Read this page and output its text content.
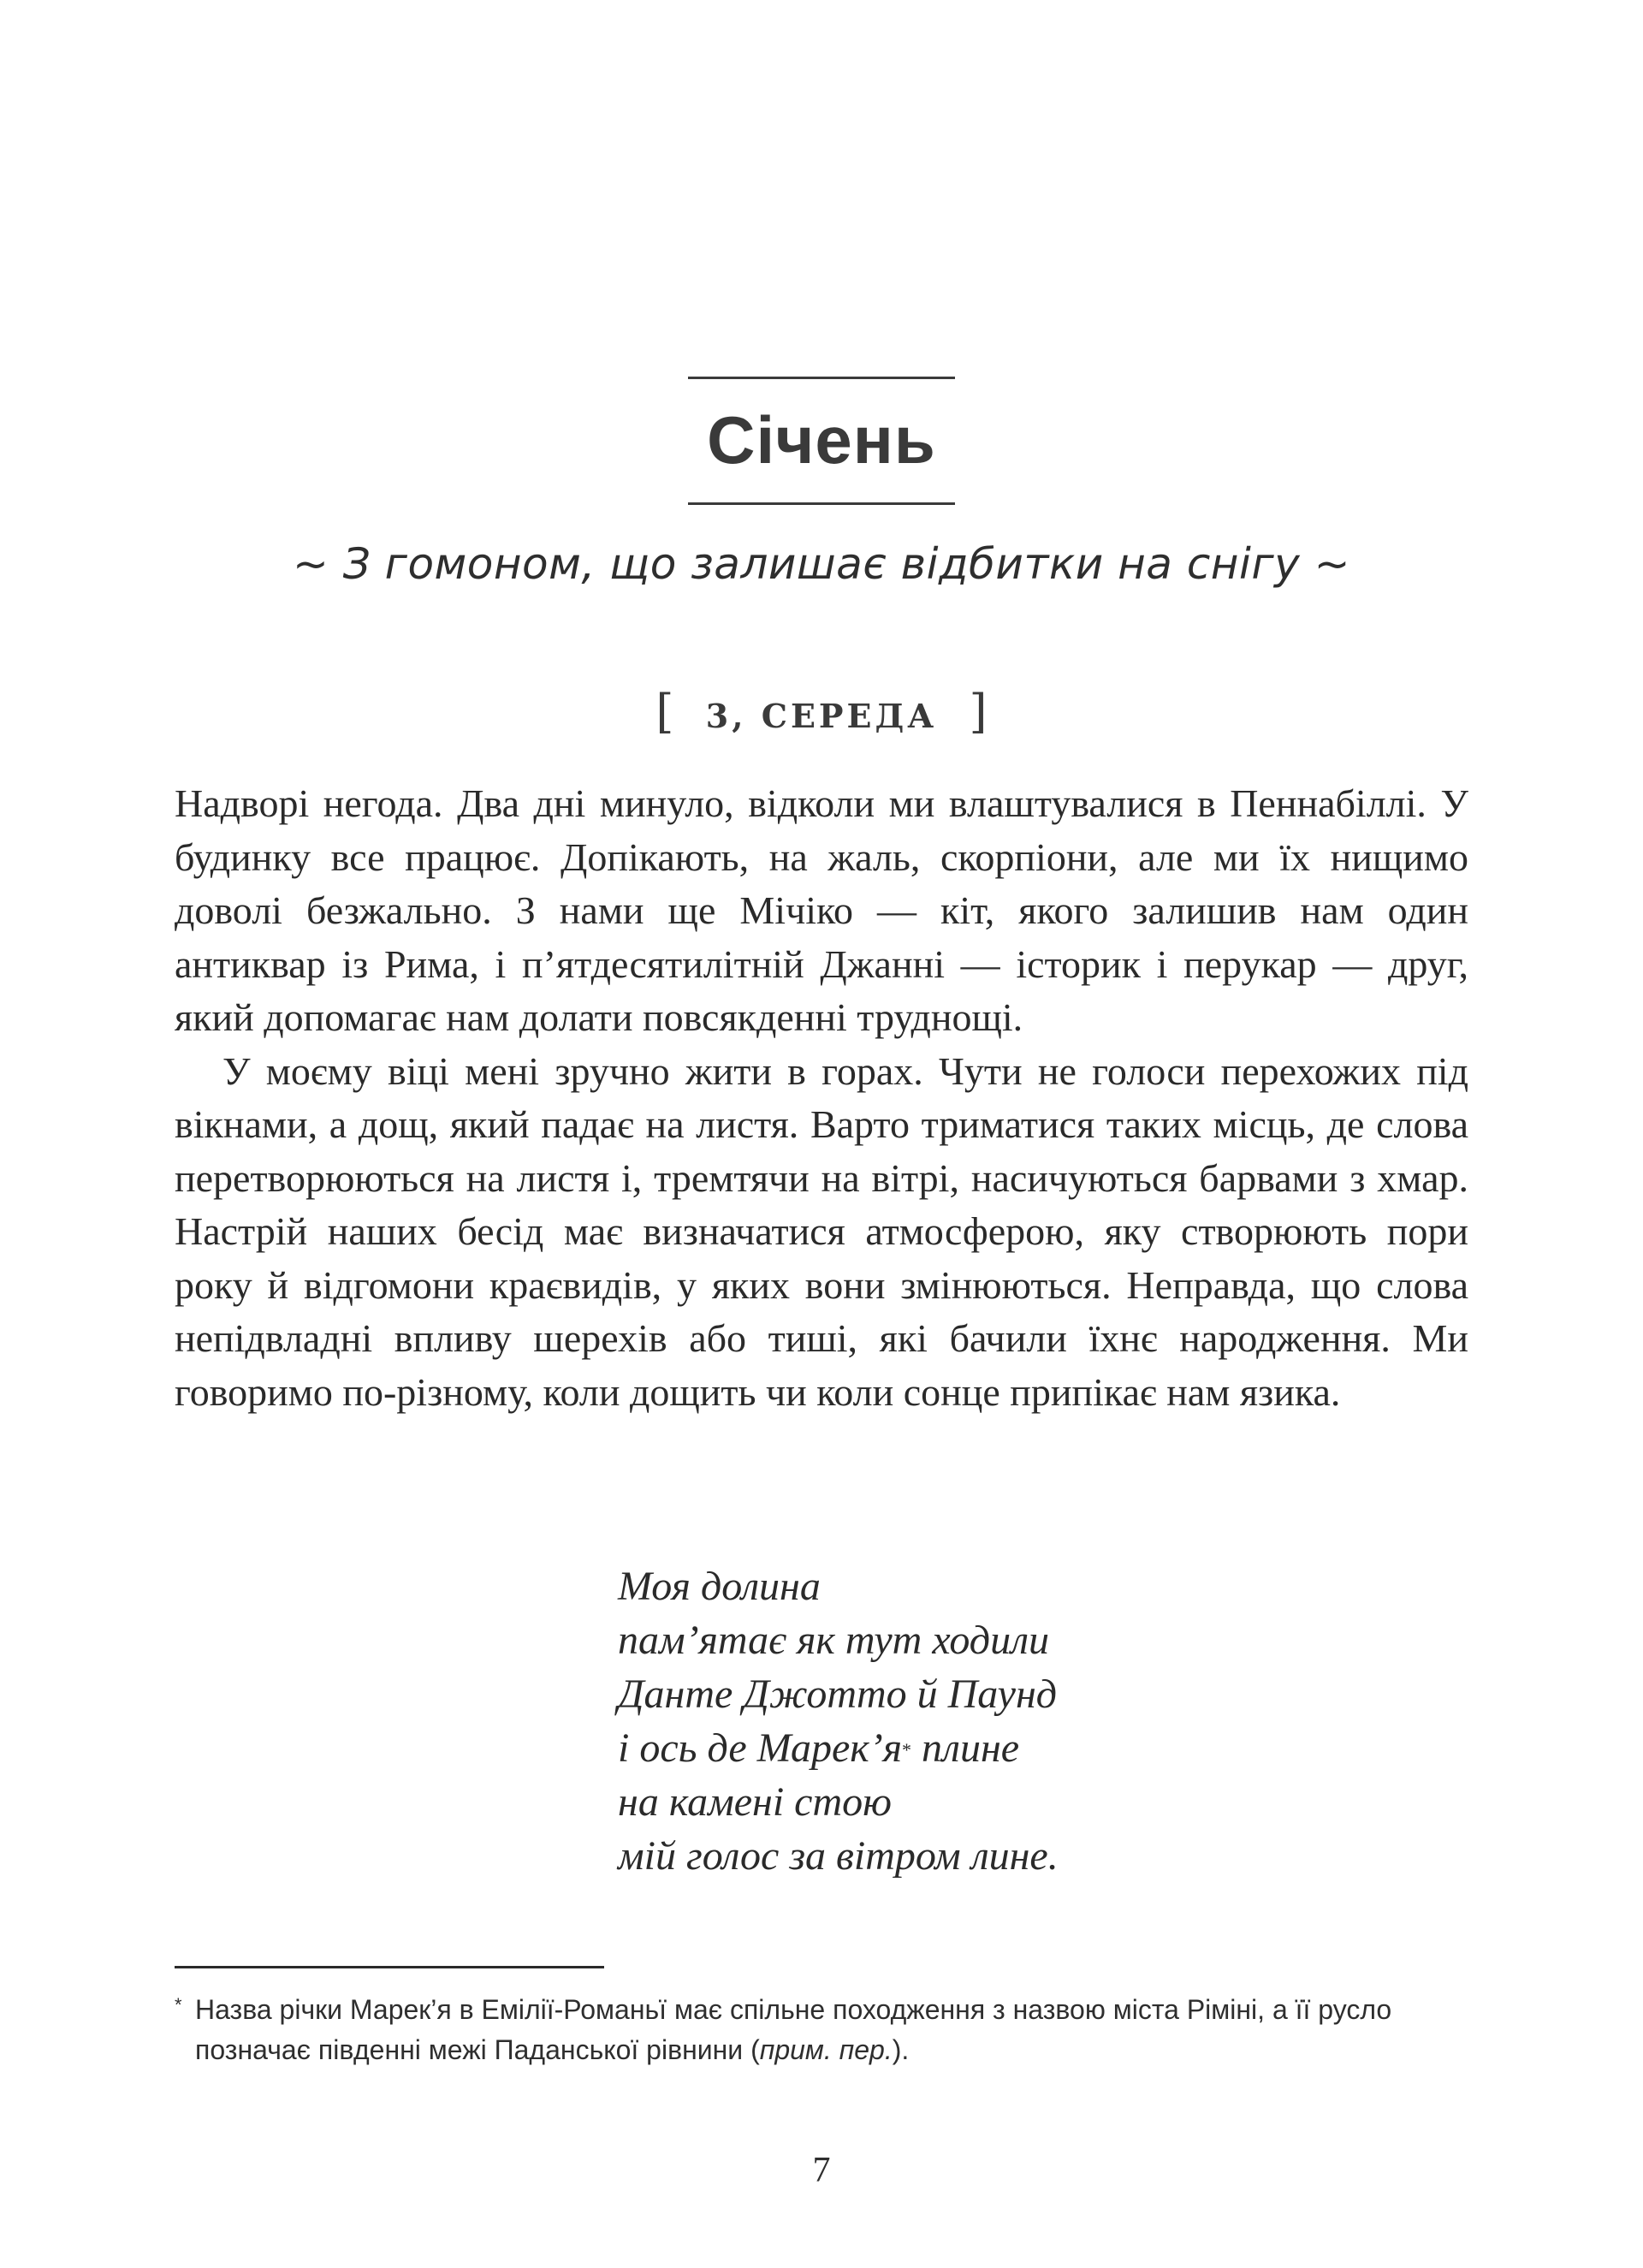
Січень
~ З гомоном, що залишає відбитки на снігу ~
[ 3, СЕРЕДА ]

Надворі негода. Два дні минуло, відколи ми влаштувалися в Пеннабіллі. У будинку все працює. Допікають, на жаль, скорпіони, але ми їх нищимо доволі безжально. З нами ще Мічіко — кіт, якого залишив нам один антиквар із Рима, і п’ятдесятилітній Джанні — історик і перукар — друг, який допомагає нам долати повсякденні труднощі.

У моєму віці мені зручно жити в горах. Чути не голоси перехожих під вікнами, а дощ, який падає на листя. Варто триматися таких місць, де слова перетворюються на листя і, тремтячи на вітрі, насичуються барвами з хмар. Настрій наших бесід має визначатися атмосферою, яку створюють пори року й відгомони краєвидів, у яких вони змінюються. Неправда, що слова непідвладні впливу шерехів або тиші, які бачили їхнє народження. Ми говоримо по-різному, коли дощить чи коли сонце припікає нам язика.

Моя долина
пам’ятає як тут ходили
Данте Джотто й Паунд
і ось де Марек’я* плине
на камені стою
мій голос за вітром лине.
* Назва річки Марек’я в Емілії-Романьї має спільне походження з назвою міста Ріміні, а її русло позначає південні межі Паданської рівнини (прим. пер.).
7
